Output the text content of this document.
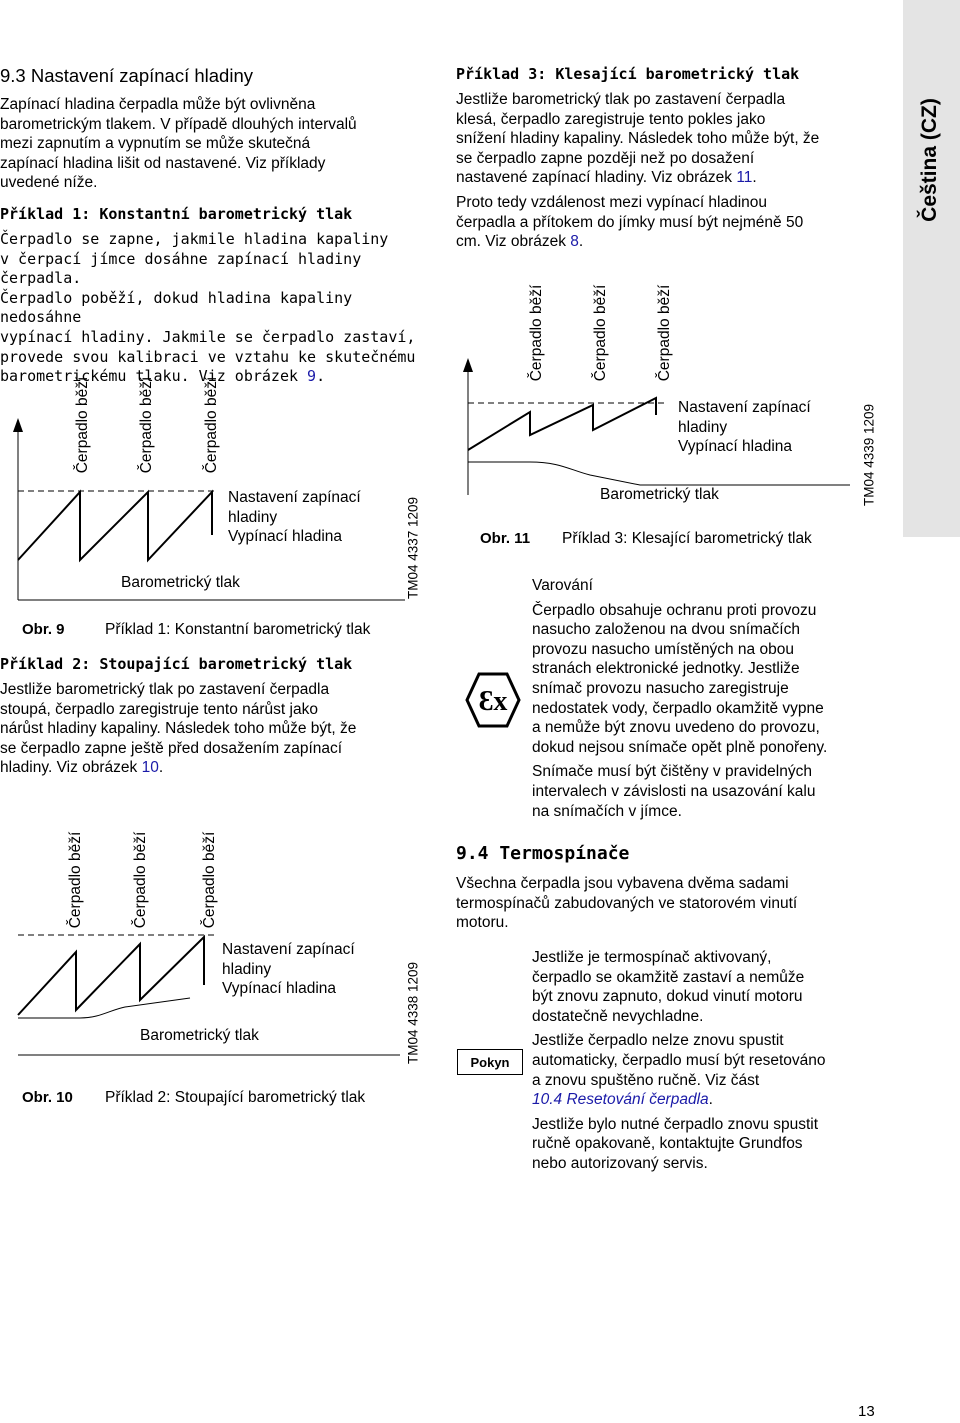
Čeština (CZ)
9.3 Nastavení zapínací hladiny

Zapínací hladina čerpadla může být ovlivněna

barometrickým tlakem. V případě dlouhých intervalů

mezi zapnutím a vypnutím se může skutečná

zapínací hladina lišit od nastavené. Viz příklady

uvedené níže.

Příklad 1: Konstantní barometrický tlak

Čerpadlo se zapne, jakmile hladina kapaliny

v čerpací jímce dosáhne zapínací hladiny čerpadla.

Čerpadlo poběží, dokud hladina kapaliny nedosáhne

vypínací hladiny. Jakmile se čerpadlo zastaví,

provede svou kalibraci ve vztahu ke skutečnému

barometrickému tlaku. Viz obrázek 9.

Čerpadlo běží	Čerpadlo běží	Čerpadlo běží
Nastavení zapínací
hladiny
Vypínací hladina
Barometrický tlak	TM04 4337 1209
Obr. 9	Příklad 1: Konstantní barometrický tlak
Příklad 2: Stoupající barometrický tlak

Jestliže barometrický tlak po zastavení čerpadla

stoupá, čerpadlo zaregistruje tento nárůst jako

nárůst hladiny kapaliny. Následek toho může být, že

se čerpadlo zapne ještě před dosažením zapínací

hladiny. Viz obrázek 10.

Čerpadlo běží	Čerpadlo běží	Čerpadlo běží
Nastavení zapínací
hladiny
Vypínací hladina
Barometrický tlak	TM04 4338 1209
Obr. 10 Příklad 2: Stoupající barometrický tlak
Příklad 3: Klesající barometrický tlak

Jestliže barometrický tlak po zastavení čerpadla

klesá, čerpadlo zaregistruje tento pokles jako

snížení hladiny kapaliny. Následek toho může být, že

se čerpadlo zapne později než po dosažení

nastavené zapínací hladiny. Viz obrázek 11.

Proto tedy vzdálenost mezi vypínací hladinou

čerpadla a přítokem do jímky musí být nejméně 50

cm. Viz obrázek 8.

Čerpadlo běží	Čerpadlo běží	Čerpadlo běží
Nastavení zapínací
hladiny
Vypínací hladina
Barometrický tlak	TM04 4339 1209
Obr. 11 Příklad 3: Klesající barometrický tlak
Ɛx

Varování

Čerpadlo obsahuje ochranu proti provozu

nasucho založenou na dvou snímačích

provozu nasucho umístěných na obou

stranách elektronické jednotky. Jestliže

snímač provozu nasucho zaregistruje

nedostatek vody, čerpadlo okamžitě vypne

a nemůže být znovu uvedeno do provozu,

dokud nejsou snímače opět plně ponořeny.

Snímače musí být čištěny v pravidelných

intervalech v závislosti na usazování kalu

na snímačích v jímce.

9.4 Termospínače

Všechna čerpadla jsou vybavena dvěma sadami

termospínačů zabudovaných ve statorovém vinutí

motoru.

Pokyn

Jestliže je termospínač aktivovaný,

čerpadlo se okamžitě zastaví a nemůže

být znovu zapnuto, dokud vinutí motoru

dostatečně nevychladne.

Jestliže čerpadlo nelze znovu spustit

automaticky, čerpadlo musí být resetováno

a znovu spuštěno ručně. Viz část

10.4 Resetování čerpadla.

Jestliže bylo nutné čerpadlo znovu spustit

ručně opakovaně, kontaktujte Grundfos

nebo autorizovaný servis.

13
